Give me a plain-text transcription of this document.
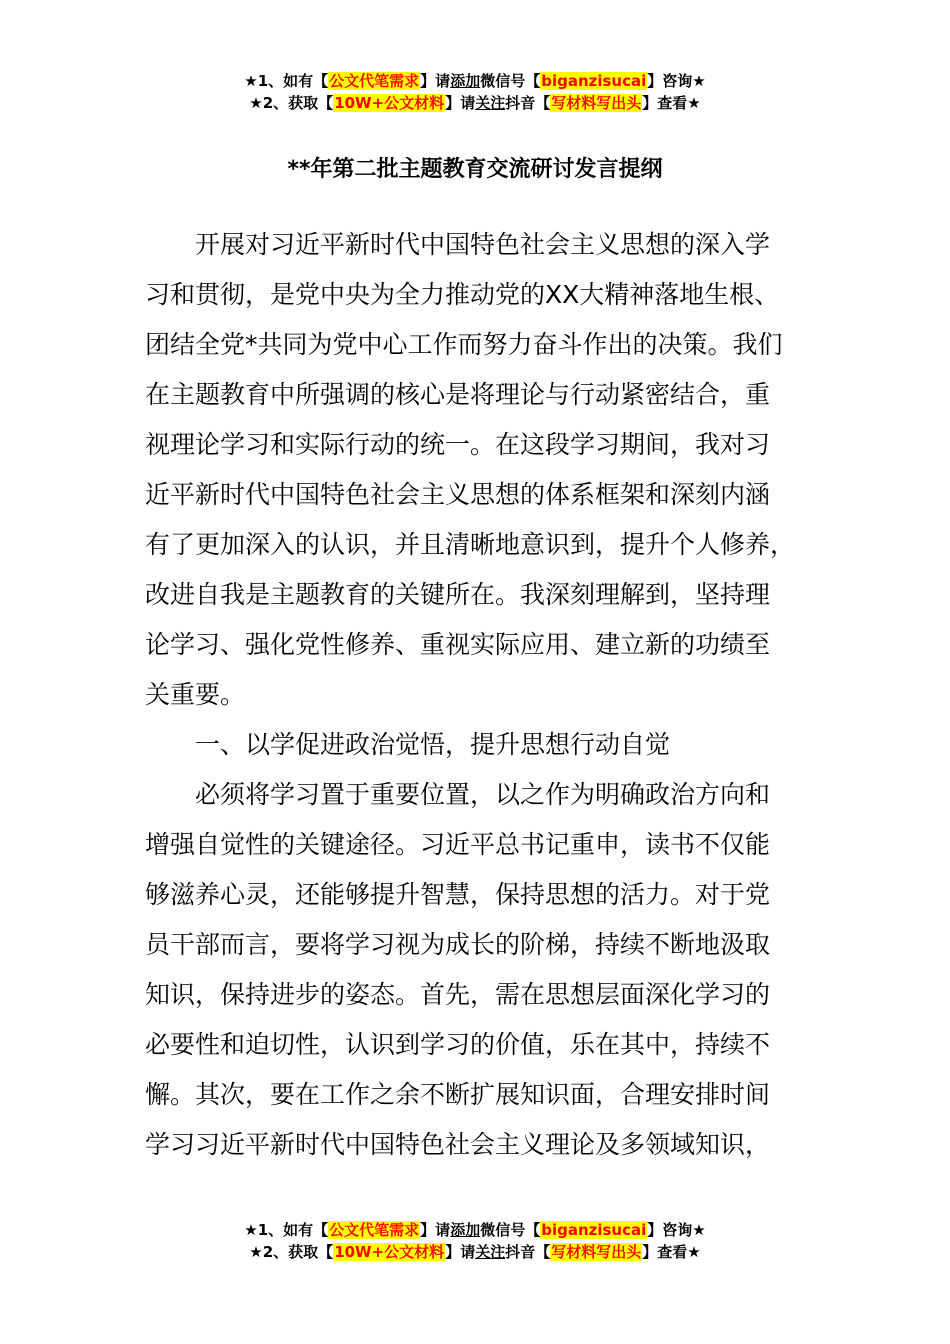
★1、如有【公文代笔需求】请添加微信号【biganzisucai】咨询★
★2、获取【10W+公文材料】请关注抖音【写材料写出头】查看★
**年第二批主题教育交流研讨发言提纲
开展对习近平新时代中国特色社会主义思想的深入学
习和贯彻，是党中央为全力推动党的XX大精神落地生根、
团结全党*共同为党中心工作而努力奋斗作出的决策。我们
在主题教育中所强调的核心是将理论与行动紧密结合，重
视理论学习和实际行动的统一。在这段学习期间，我对习
近平新时代中国特色社会主义思想的体系框架和深刻内涵
有了更加深入的认识，并且清晰地意识到，提升个人修养，
改进自我是主题教育的关键所在。我深刻理解到，坚持理
论学习、强化党性修养、重视实际应用、建立新的功绩至
关重要。
一、以学促进政治觉悟，提升思想行动自觉
必须将学习置于重要位置，以之作为明确政治方向和
增强自觉性的关键途径。习近平总书记重申，读书不仅能
够滋养心灵，还能够提升智慧，保持思想的活力。对于党
员干部而言，要将学习视为成长的阶梯，持续不断地汲取
知识，保持进步的姿态。首先，需在思想层面深化学习的
必要性和迫切性，认识到学习的价值，乐在其中，持续不
懈。其次，要在工作之余不断扩展知识面，合理安排时间
学习习近平新时代中国特色社会主义理论及多领域知识，
★1、如有【公文代笔需求】请添加微信号【biganzisucai】咨询★
★2、获取【10W+公文材料】请关注抖音【写材料写出头】查看★
